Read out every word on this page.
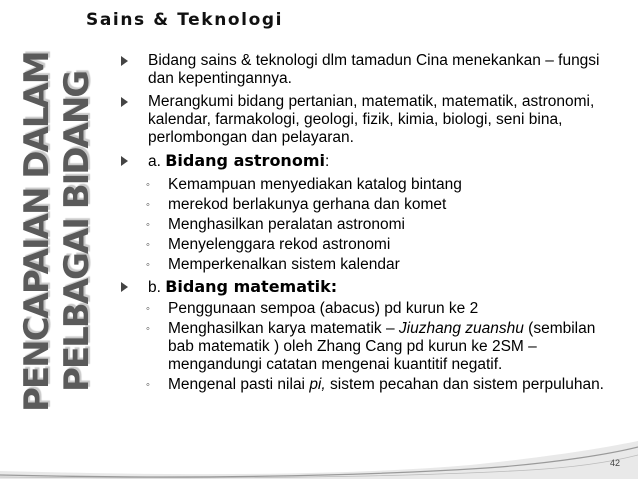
Sains & Teknologi
PENCAPAIAN DALAM PELBAGAI BIDANG
Bidang sains & teknologi dlm tamadun Cina menekankan – fungsi dan kepentingannya.
Merangkumi bidang pertanian, matematik, matematik, astronomi, kalendar, farmakologi, geologi, fizik, kimia, biologi, seni bina, perlombongan dan pelayaran.
a. Bidang astronomi:
◦	Kemampuan menyediakan katalog bintang
◦	merekod berlakunya gerhana dan komet
◦	Menghasilkan peralatan astronomi
◦	Menyelenggara rekod astronomi
◦	Memperkenalkan sistem kalendar
b. Bidang matematik:
◦	Penggunaan sempoa (abacus) pd kurun ke 2
◦	Menghasilkan karya matematik – Jiuzhang zuanshu (sembilan bab matematik ) oleh Zhang Cang pd kurun ke 2SM – mengandungi catatan mengenai kuantitif negatif.
◦	Mengenal pasti nilai pi, sistem pecahan dan sistem perpuluhan.
42
